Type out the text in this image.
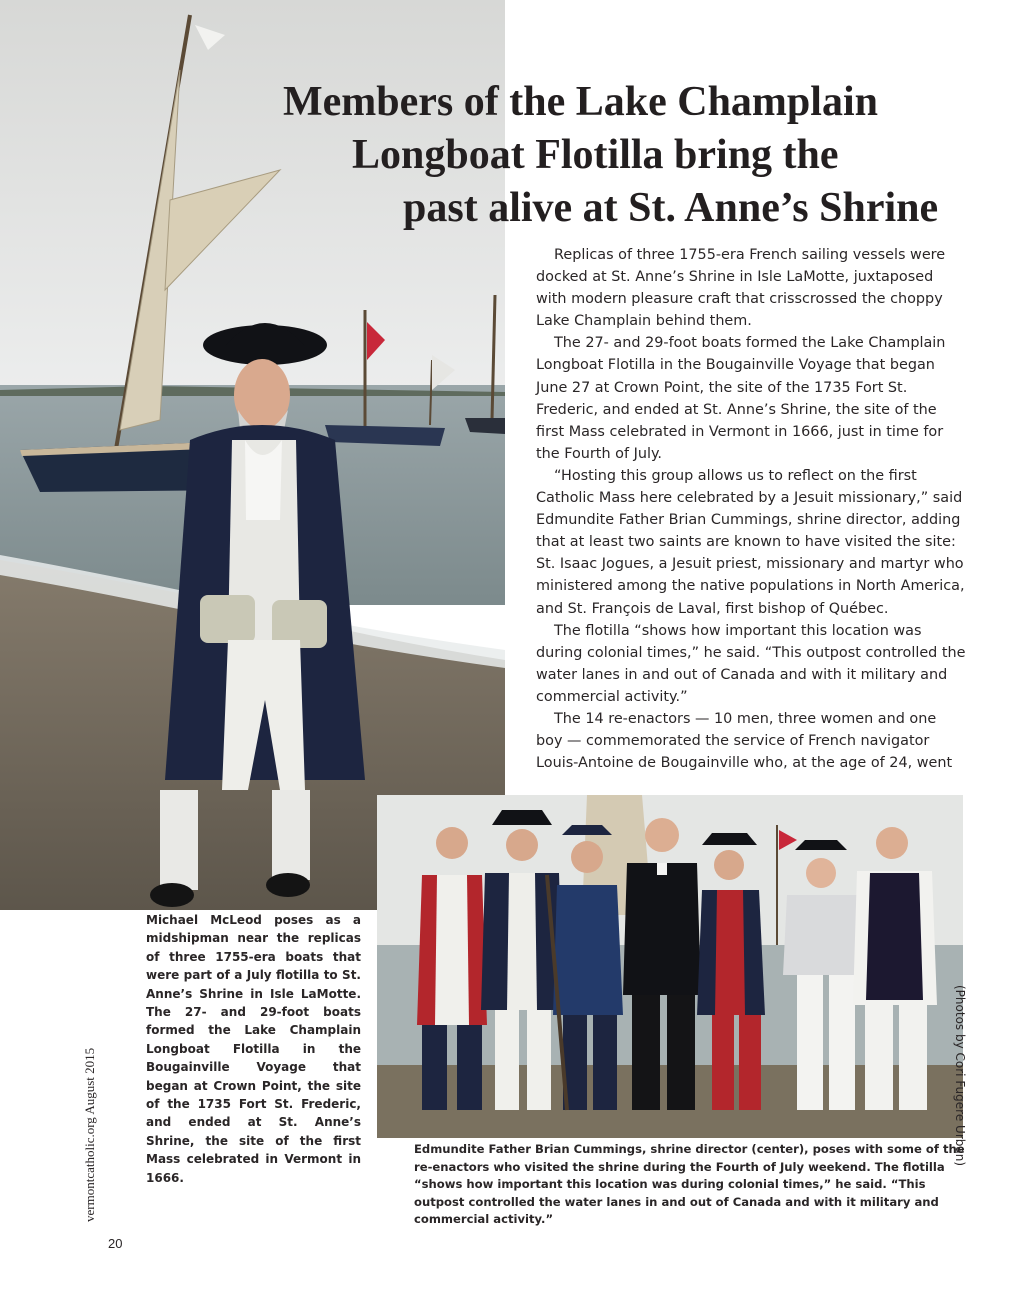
Members of the Lake Champlain
Longboat Flotilla bring the
past alive at St. Anne’s Shrine

Replicas of three 1755-era French sailing vessels were docked at St. Anne’s Shrine in Isle LaMotte, juxtaposed with modern pleasure craft that crisscrossed the choppy Lake Champlain behind them.

The 27- and 29-foot boats formed the Lake Champlain Longboat Flotilla in the Bougainville Voyage that began June 27 at Crown Point, the site of the 1735 Fort St. Frederic, and ended at St. Anne’s Shrine, the site of the first Mass celebrated in Vermont in 1666, just in time for the Fourth of July.

“Hosting this group allows us to reflect on the first Catholic Mass here celebrated by a Jesuit missionary,” said Edmundite Father Brian Cummings, shrine director, adding that at least two saints are known to have visited the site: St. Isaac Jogues, a Jesuit priest, missionary and martyr who ministered among the native populations in North America, and St. François de Laval, first bishop of Québec.

The flotilla “shows how important this location was during colonial times,” he said. “This outpost controlled the water lanes in and out of Canada and with it military and commercial activity.”

The 14 re-enactors — 10 men, three women and one boy — commemorated the service of French navigator Louis-Antoine de Bougainville who, at the age of 24, went

Michael McLeod poses as a midshipman near the replicas of three 1755-era boats that were part of a July flotilla to St. Anne’s Shrine in Isle LaMotte. The 27- and 29-foot boats formed the Lake Champlain Longboat Flotilla in the Bougainville Voyage that began at Crown Point, the site of the 1735 Fort St. Frederic, and ended at St. Anne’s Shrine, the site of the first Mass celebrated in Vermont in 1666.

Edmundite Father Brian Cummings, shrine director (center), poses with some of the re-enactors who visited the shrine during the Fourth of July weekend. The flotilla “shows how important this location was during colonial times,” he said. “This outpost controlled the water lanes in and out of Canada and with it military and commercial activity.”

(Photos by Cori Fugere Urban)
vermontcatholic.org August 2015
20
